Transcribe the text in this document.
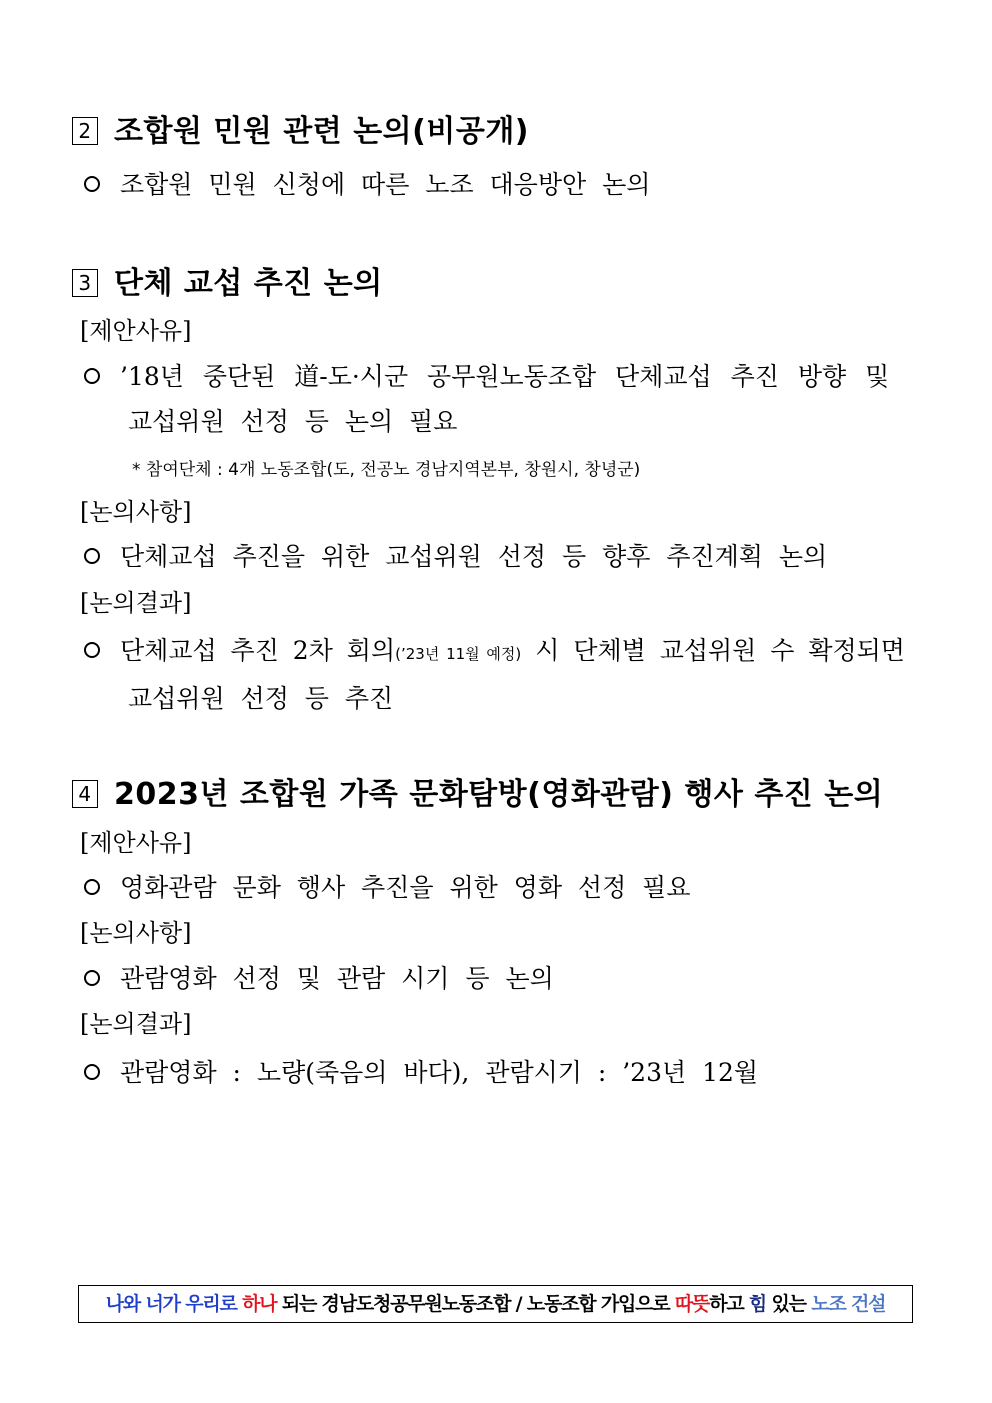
2 조합원 민원 관련 논의(비공개)

조합원 민원 신청에 따른 노조 대응방안 논의

3 단체 교섭 추진 논의

[제안사유]

’18년 중단된 道-도·시군 공무원노동조합 단체교섭 추진 방향 및

교섭위원 선정 등 논의 필요

* 참여단체 : 4개 노동조합(도, 전공노 경남지역본부, 창원시, 창녕군)

[논의사항]

단체교섭 추진을 위한 교섭위원 선정 등 향후 추진계획 논의

[논의결과]

단체교섭 추진 2차 회의(’23년 11월 예정) 시 단체별 교섭위원 수 확정되면

교섭위원 선정 등 추진

4 2023년 조합원 가족 문화탐방(영화관람) 행사 추진 논의

[제안사유]

영화관람 문화 행사 추진을 위한 영화 선정 필요

[논의사항]

관람영화 선정 및 관람 시기 등 논의

[논의결과]

관람영화 : 노량(죽음의 바다), 관람시기 : ’23년 12월

나와 너가 우리로 하나 되는 경남도청공무원노동조합 / 노동조합 가입으로 따뜻하고 힘 있는 노조 건설
